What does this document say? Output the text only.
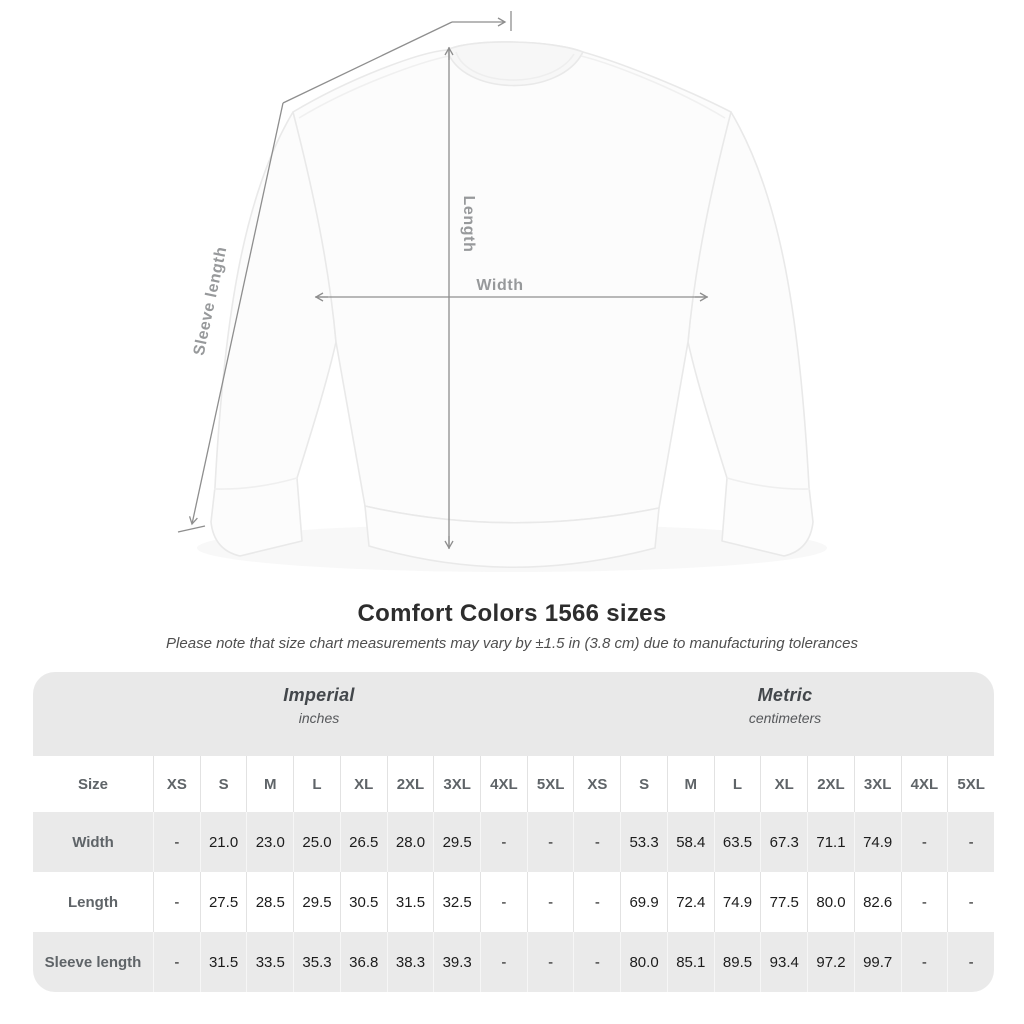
Sleeve length
Length
Width
Comfort Colors 1566 sizes

Please note that size chart measurements may vary by ±1.5 in (3.8 cm) due to manufacturing tolerances

Imperial
inches
Metric
centimeters
Size	XS	S	M	L	XL	2XL	3XL	4XL	5XL	XS	S	M	L	XL	2XL	3XL	4XL	5XL
Width	-	21.0	23.0	25.0	26.5	28.0	29.5	-	-	-	53.3	58.4	63.5	67.3	71.1	74.9	-	-
Length	-	27.5	28.5	29.5	30.5	31.5	32.5	-	-	-	69.9	72.4	74.9	77.5	80.0	82.6	-	-
Sleeve length	-	31.5	33.5	35.3	36.8	38.3	39.3	-	-	-	80.0	85.1	89.5	93.4	97.2	99.7	-	-
